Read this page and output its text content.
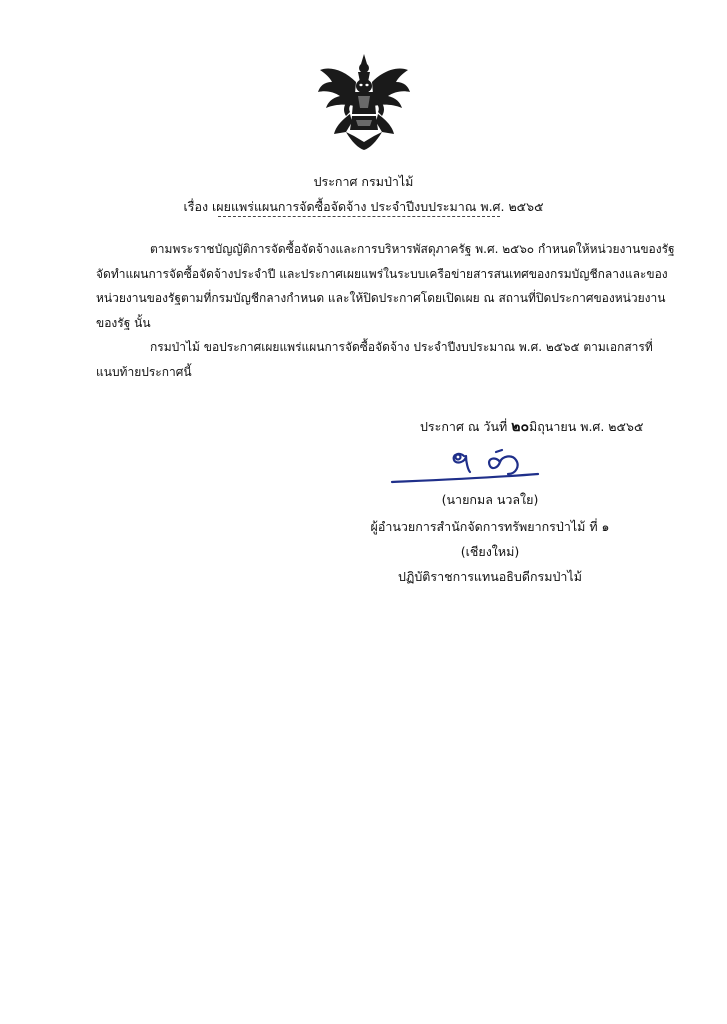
ประกาศ กรมป่าไม้
เรื่อง เผยแพร่แผนการจัดซื้อจัดจ้าง ประจำปีงบประมาณ พ.ศ. ๒๕๖๕
ตามพระราชบัญญัติการจัดซื้อจัดจ้างและการบริหารพัสดุภาครัฐ พ.ศ. ๒๕๖๐ กำหนดให้หน่วยงานของรัฐ
จัดทำแผนการจัดซื้อจัดจ้างประจำปี และประกาศเผยแพร่ในระบบเครือข่ายสารสนเทศของกรมบัญชีกลางและของ
หน่วยงานของรัฐตามที่กรมบัญชีกลางกำหนด และให้ปิดประกาศโดยเปิดเผย ณ สถานที่ปิดประกาศของหน่วยงาน
ของรัฐ นั้น
กรมป่าไม้ ขอประกาศเผยแพร่แผนการจัดซื้อจัดจ้าง ประจำปีงบประมาณ พ.ศ. ๒๕๖๕ ตามเอกสารที่
แนบท้ายประกาศนี้
ประกาศ ณ วันที่ ๒๐มิถุนายน พ.ศ. ๒๕๖๕
(นายกมล นวลใย)
ผู้อำนวยการสำนักจัดการทรัพยากรป่าไม้ ที่ ๑
(เชียงใหม่)
ปฏิบัติราชการแทนอธิบดีกรมป่าไม้
